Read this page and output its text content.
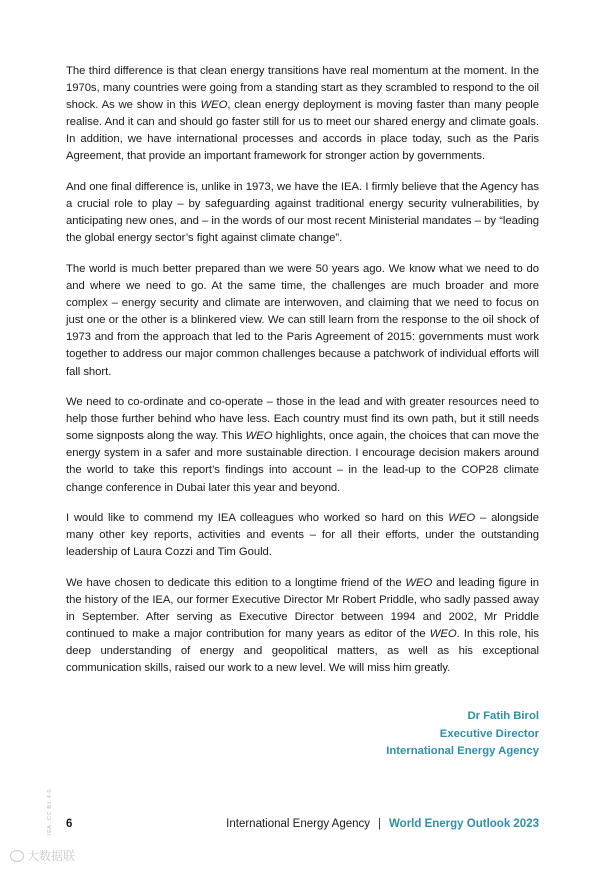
The third difference is that clean energy transitions have real momentum at the moment. In the 1970s, many countries were going from a standing start as they scrambled to respond to the oil shock. As we show in this WEO, clean energy deployment is moving faster than many people realise. And it can and should go faster still for us to meet our shared energy and climate goals. In addition, we have international processes and accords in place today, such as the Paris Agreement, that provide an important framework for stronger action by governments.

And one final difference is, unlike in 1973, we have the IEA. I firmly believe that the Agency has a crucial role to play – by safeguarding against traditional energy security vulnerabilities, by anticipating new ones, and – in the words of our most recent Ministerial mandates – by “leading the global energy sector’s fight against climate change”.

The world is much better prepared than we were 50 years ago. We know what we need to do and where we need to go. At the same time, the challenges are much broader and more complex – energy security and climate are interwoven, and claiming that we need to focus on just one or the other is a blinkered view. We can still learn from the response to the oil shock of 1973 and from the approach that led to the Paris Agreement of 2015: governments must work together to address our major common challenges because a patchwork of individual efforts will fall short.

We need to co-ordinate and co-operate – those in the lead and with greater resources need to help those further behind who have less. Each country must find its own path, but it still needs some signposts along the way. This WEO highlights, once again, the choices that can move the energy system in a safer and more sustainable direction. I encourage decision makers around the world to take this report’s findings into account – in the lead-up to the COP28 climate change conference in Dubai later this year and beyond.

I would like to commend my IEA colleagues who worked so hard on this WEO – alongside many other key reports, activities and events – for all their efforts, under the outstanding leadership of Laura Cozzi and Tim Gould.

We have chosen to dedicate this edition to a longtime friend of the WEO and leading figure in the history of the IEA, our former Executive Director Mr Robert Priddle, who sadly passed away in September. After serving as Executive Director between 1994 and 2002, Mr Priddle continued to make a major contribution for many years as editor of the WEO. In this role, his deep understanding of energy and geopolitical matters, as well as his exceptional communication skills, raised our work to a new level. We will miss him greatly.

Dr Fatih Birol
Executive Director
International Energy Agency
6	International Energy Agency | World Energy Outlook 2023
IEA. CC BY 4.0.
大数据联
